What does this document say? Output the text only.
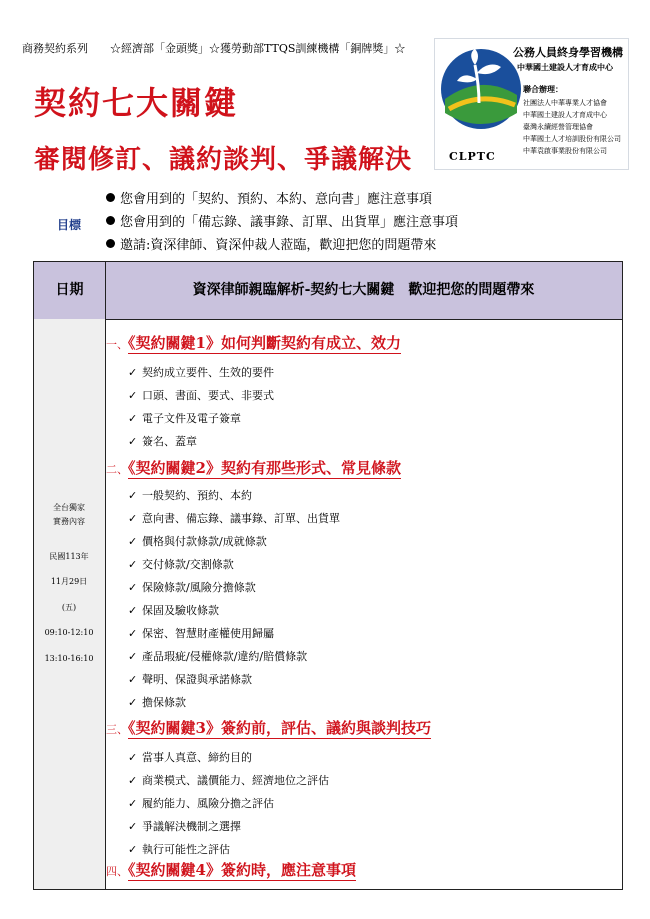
商務契約系列 ☆經濟部「金頭獎」☆獲勞動部TTQS訓練機構「銅牌獎」☆
契約七大關鍵
審閱修訂、議約談判、爭議解決	CLPTC
公務人員終身學習機構
中華國土建設人才育成中心
聯合辦理：
社團法人中華專業人才協會
中華國土建設人才育成中心
臺灣永續經營管理協會
中華國土人才培訓股份有限公司
中華袁啟事業股份有限公司
目標
您會用到的「契約、預約、本約、意向書」應注意事項
您會用到的「備忘錄、議事錄、訂單、出貨單」應注意事項
邀請:資深律師、資深仲裁人蒞臨，歡迎把您的問題帶來
日期	資深律師親臨解析-契約七大關鍵　歡迎把您的問題帶來
全台獨家
實務內容
民國113年
11月29日
(五)
09:10-12:10
13:10-16:10
一、《契約關鍵1》如何判斷契約有成立、效力
✓ 契約成立要件、生效的要件
✓ 口頭、書面、要式、非要式
✓ 電子文件及電子簽章
✓ 簽名、蓋章
二、《契約關鍵2》契約有那些形式、常見條款
✓ 一般契約、預約、本約
✓ 意向書、備忘錄、議事錄、訂單、出貨單
✓ 價格與付款條款/成就條款
✓ 交付條款/交割條款
✓ 保險條款/風險分擔條款
✓ 保固及驗收條款
✓ 保密、智慧財產權使用歸屬
✓ 產品瑕疵/侵權條款/違約/賠償條款
✓ 聲明、保證與承諾條款
✓ 擔保條款
三、《契約關鍵3》簽約前，評估、議約與談判技巧
✓ 當事人真意、締約目的
✓ 商業模式、議價能力、經濟地位之評估
✓ 履約能力、風險分擔之評估
✓ 爭議解決機制之選擇
✓ 執行可能性之評估
四、《契約關鍵4》簽約時，應注意事項
